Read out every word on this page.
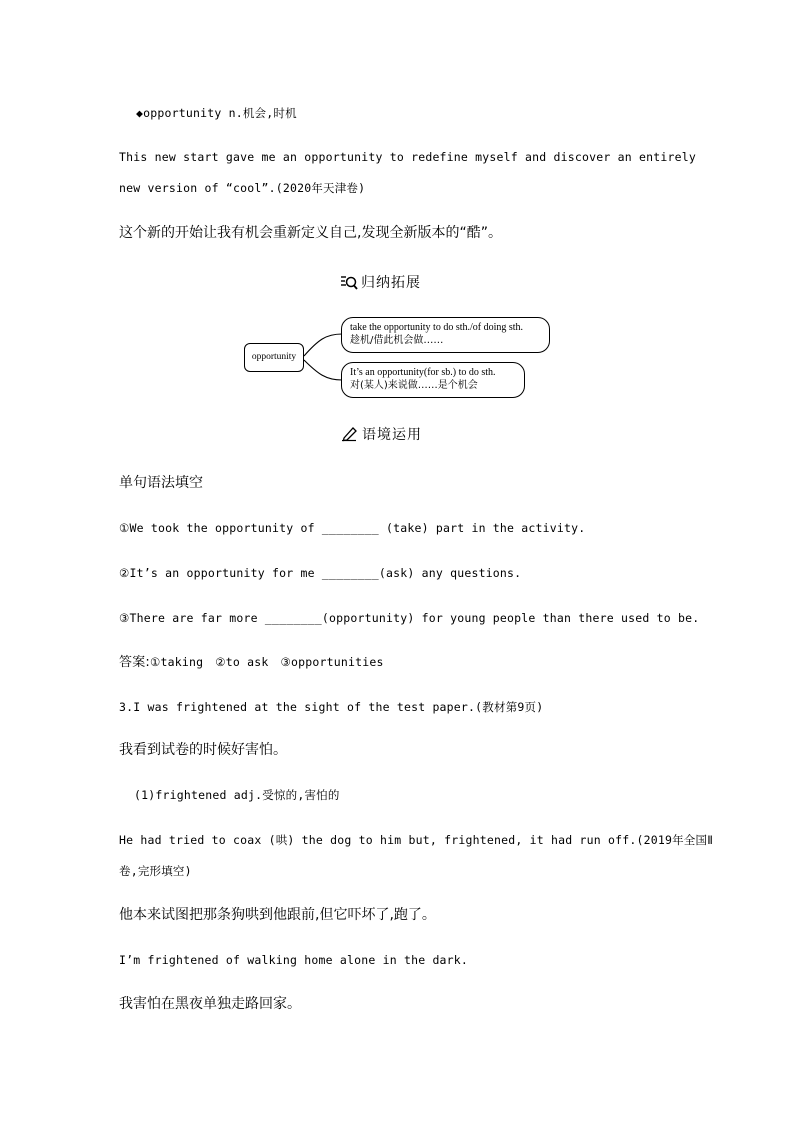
◆opportunity n.机会,时机
This new start gave me an opportunity to redefine myself and discover an entirely
new version of “cool”.(2020年天津卷)
这个新的开始让我有机会重新定义自己,发现全新版本的“酷”。
归纳拓展
opportunity
take the opportunity to do sth./of doing sth.
趁机/借此机会做……
It’s an opportunity(for sb.) to do sth.
对(某人)来说做……是个机会
语境运用
单句语法填空
①We took the opportunity of ________ (take) part in the activity.
②It’s an opportunity for me ________(ask) any questions.
③There are far more ________(opportunity) for young people than there used to be.
答案:①taking ②to ask ③opportunities
3.I was frightened at the sight of the test paper.(教材第9页)
我看到试卷的时候好害怕。
(1)frightened adj.受惊的,害怕的
He had tried to coax (哄) the dog to him but, frightened, it had run off.(2019年全国Ⅱ
卷,完形填空)
他本来试图把那条狗哄到他跟前,但它吓坏了,跑了。
I’m frightened of walking home alone in the dark.
我害怕在黑夜单独走路回家。
